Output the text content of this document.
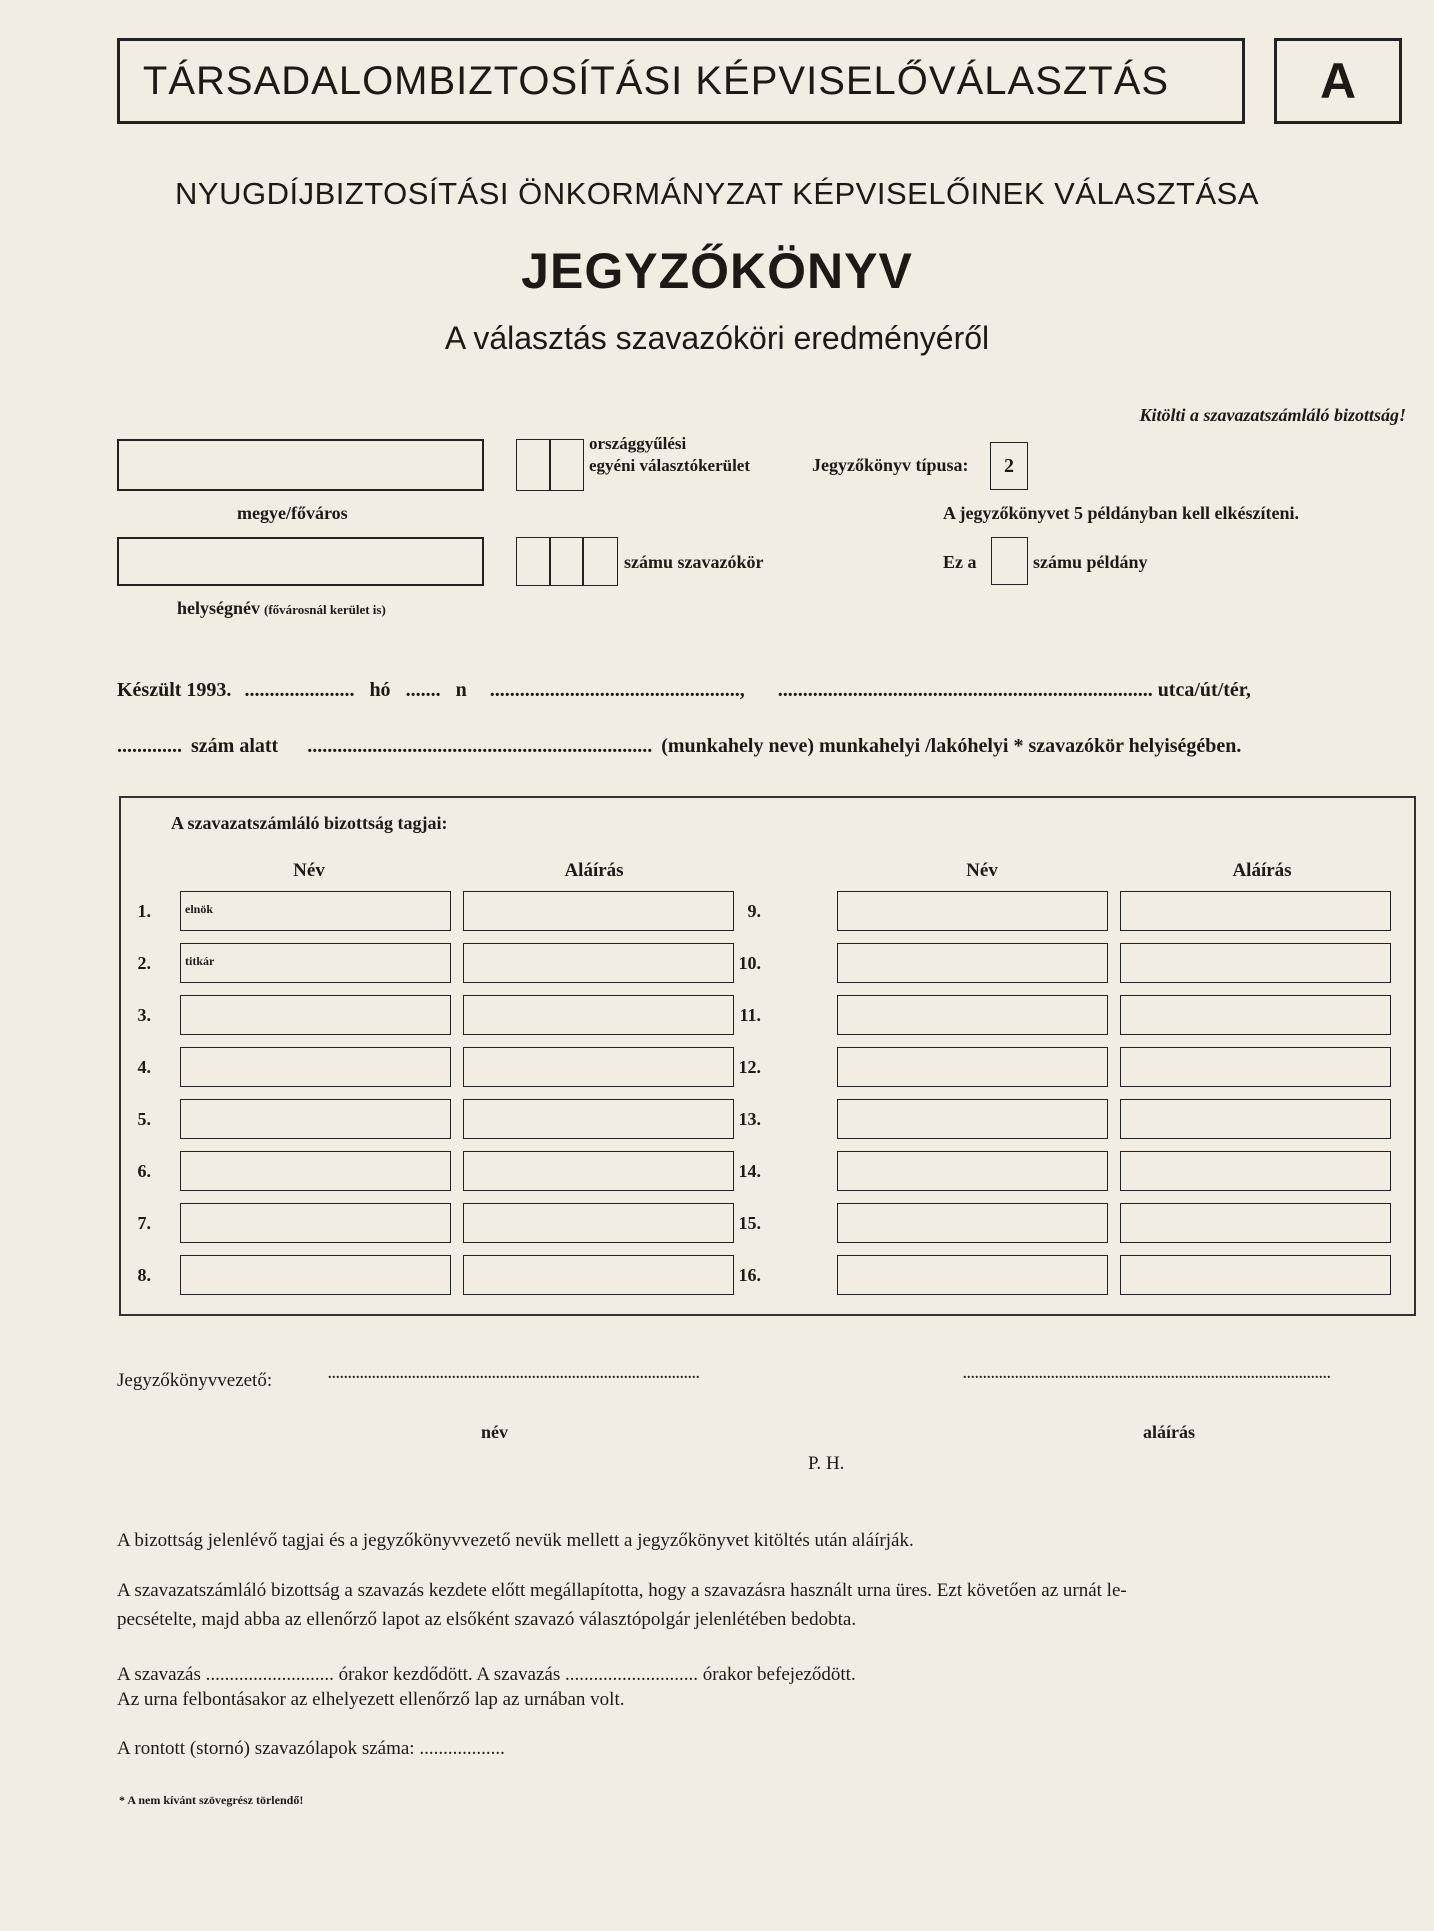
TÁRSADALOMBIZTOSÍTÁSI KÉPVISELŐVÁLASZTÁS	A
NYUGDÍJBIZTOSÍTÁSI ÖNKORMÁNYZAT KÉPVISELŐINEK VÁLASZTÁSA
JEGYZŐKÖNYV
A választás szavazóköri eredményéről
Kitölti a szavazatszámláló bizottság!
megye/főváros
országgyűlési
egyéni választókerület	Jegyzőkönyv típusa: 2
A jegyzőkönyvet 5 példányban kell elkészíteni.
helységnév (fővárosnál kerület is)
számu szavazókör	Ez a	számu példány
Készült 1993. ...................... hó ....... n .................................................., ........................................................................... utca/út/tér,
............. szám alatt ..................................................................... (munkahely neve) munkahelyi /lakóhelyi * szavazókör helyiségében.
A szavazatszámláló bizottság tagjai:
Név	Aláírás	Név	Aláírás
1.	elnök
2.	titkár
3.
4.
5.
6.
7.
8.
9.
10.
11.
12.
13.
14.
15.
16.
Jegyzőkönyvvezető:	.............................................................................................	............................................................................................
név	aláírás
P. H.
A bizottság jelenlévő tagjai és a jegyzőkönyvvezető nevük mellett a jegyzőkönyvet kitöltés után aláírják.
A szavazatszámláló bizottság a szavazás kezdete előtt megállapította, hogy a szavazásra használt urna üres. Ezt követően az urnát le-
pecsételte, majd abba az ellenőrző lapot az elsőként szavazó választópolgár jelenlétében bedobta.
A szavazás ........................... órakor kezdődött. A szavazás ............................ órakor befejeződött.
Az urna felbontásakor az elhelyezett ellenőrző lap az urnában volt.
A rontott (stornó) szavazólapok száma: ..................
* A nem kívánt szövegrész törlendő!
